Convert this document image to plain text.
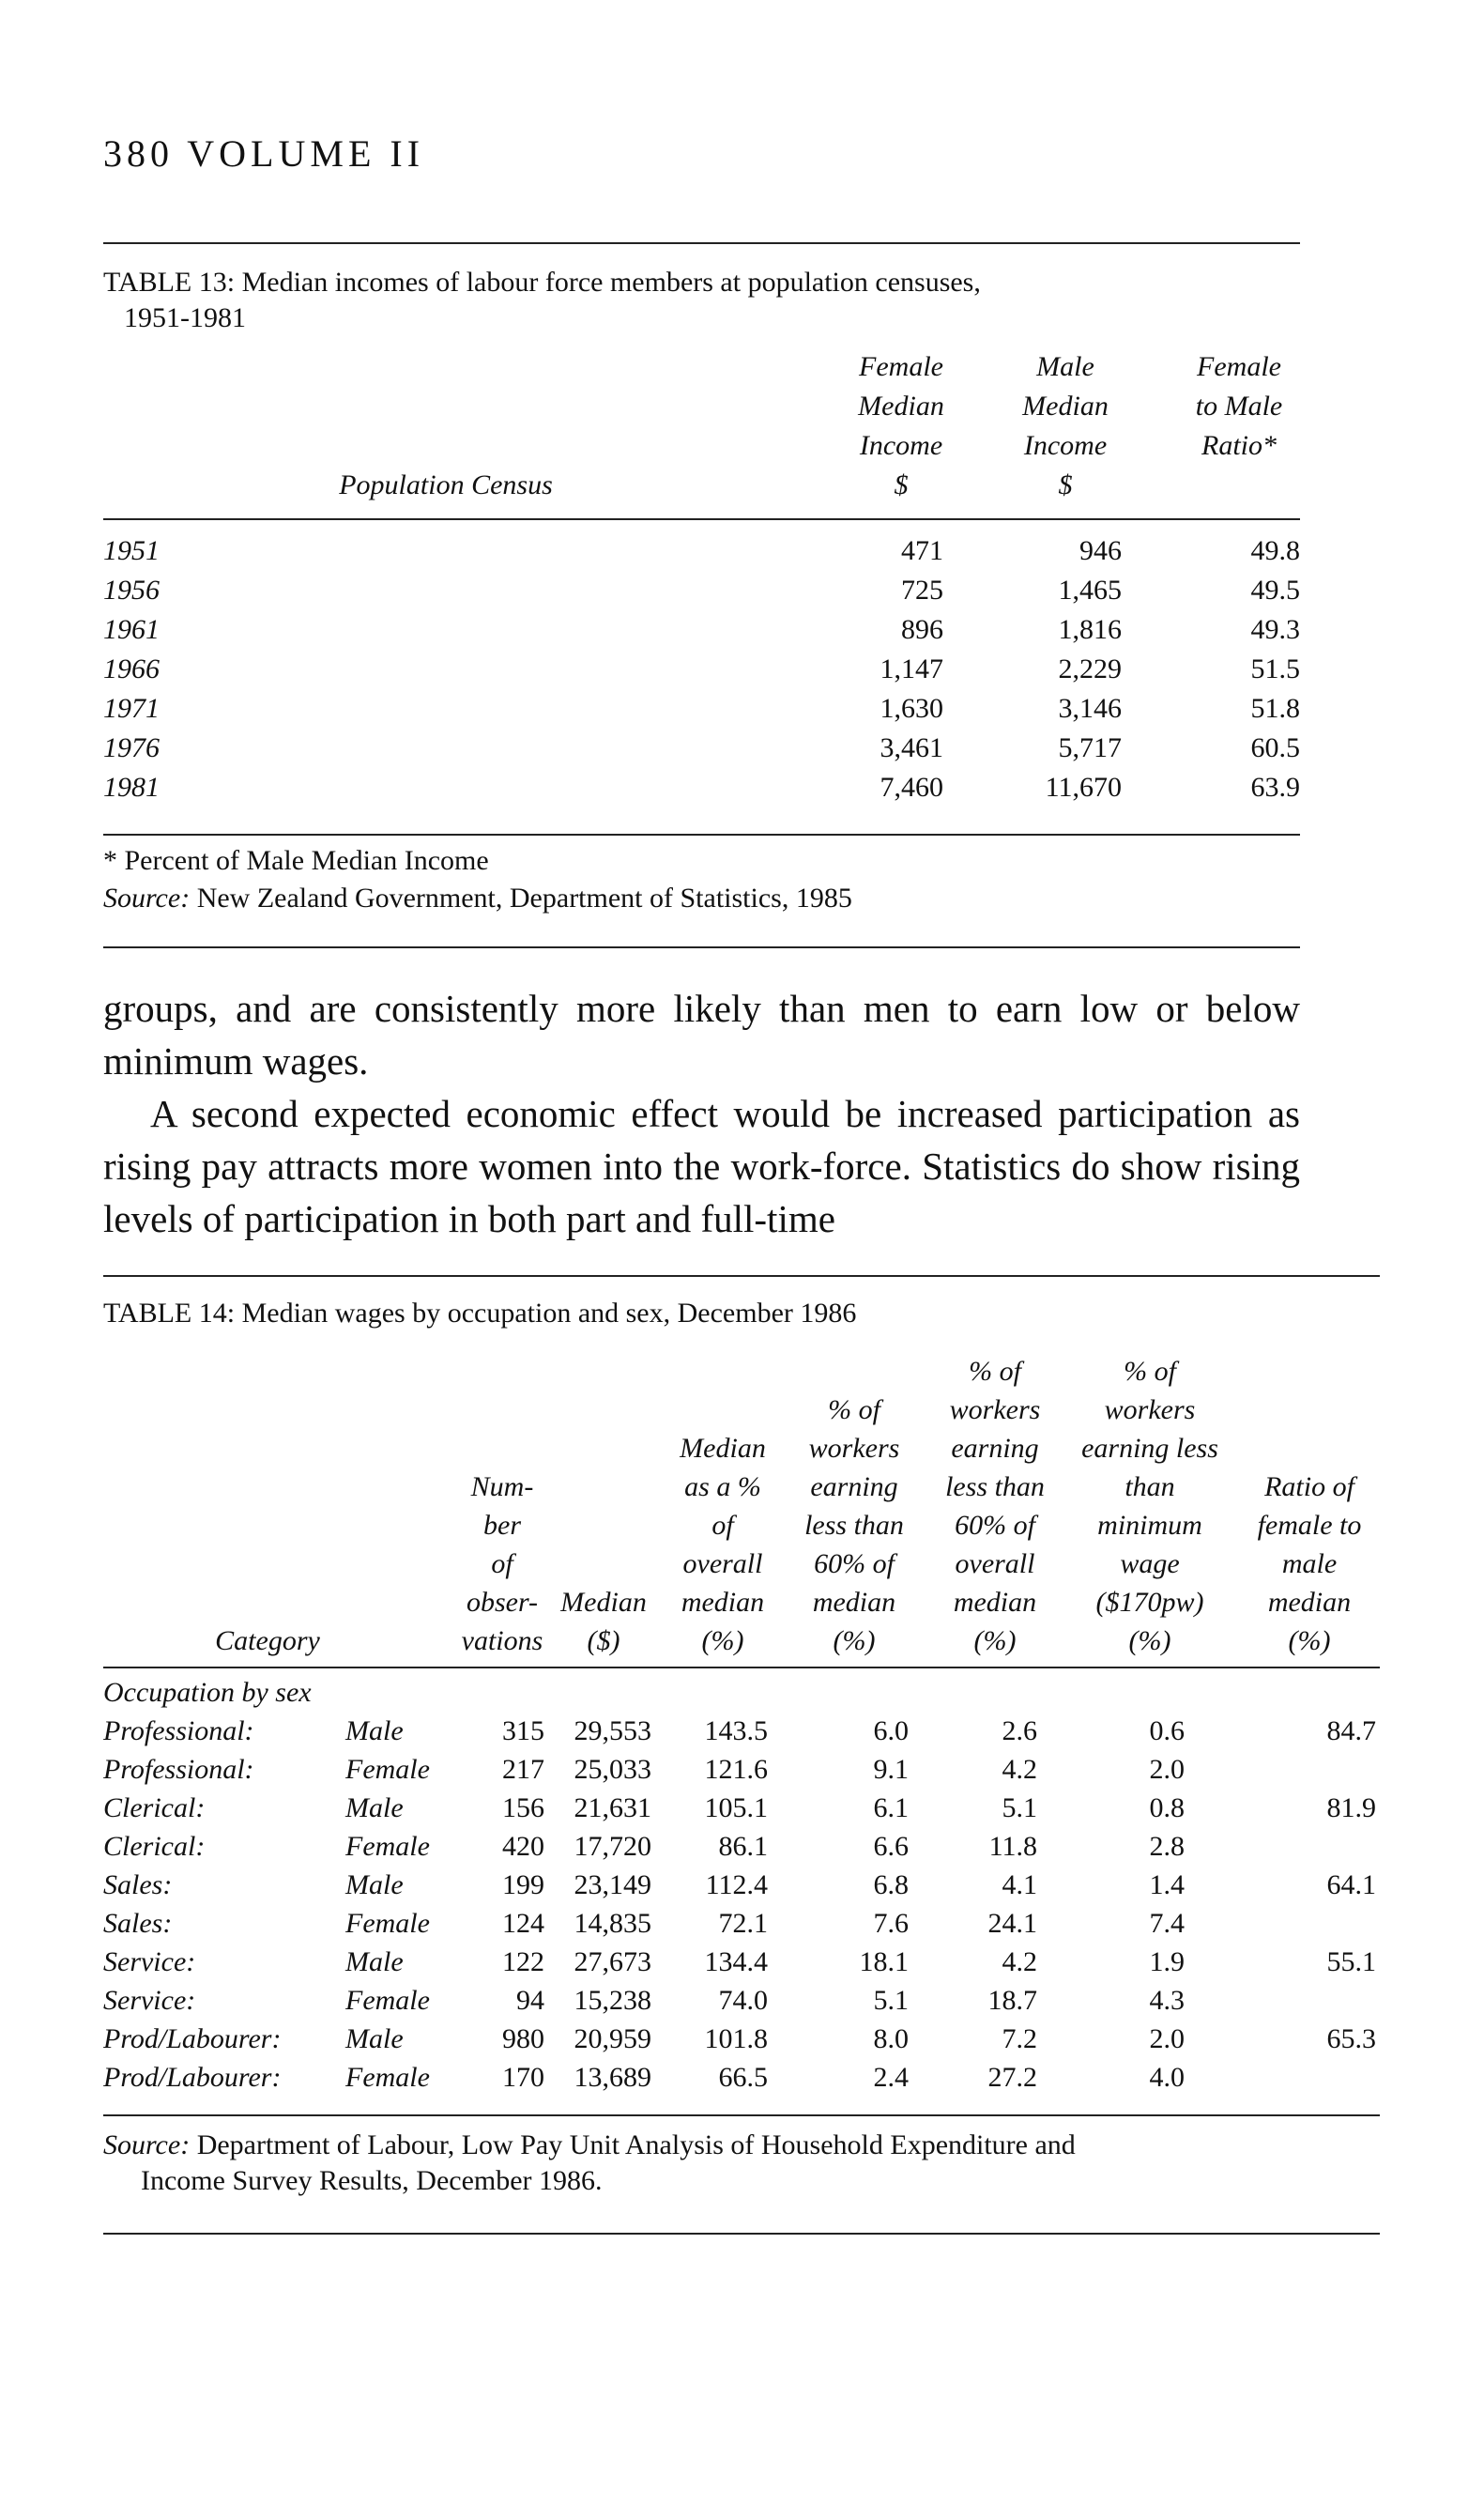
380 VOLUME II
TABLE 13: Median incomes of labour force members at population censuses,
1951-1981
Female
Median
Income
$
Male
Median
Income
$
Female
to Male
Ratio*
Population Census
1951	471	946	49.8
1956	725	1,465	49.5
1961	896	1,816	49.3
1966	1,147	2,229	51.5
1971	1,630	3,146	51.8
1976	3,461	5,717	60.5
1981	7,460	11,670	63.9
* Percent of Male Median Income
Source: New Zealand Government, Department of Statistics, 1985

groups, and are consistently more likely than men to earn low or below minimum wages.

A second expected economic effect would be increased participation as rising pay attracts more women into the work-force. Statistics do show rising levels of participation in both part and full-time

TABLE 14: Median wages by occupation and sex, December 1986
Category
Num-
ber
of
obser-
vations
Median
($)
Median
as a %
of
overall
median
(%)
% of
workers
earning
less than
60% of
median
(%)
% of
workers
earning
less than
60% of
overall
median
(%)
% of
workers
earning less
than
minimum
wage
($170pw)
(%)
Ratio of
female to
male
median
(%)
Occupation by sex
Professional:	Male	315 29,553 143.5	6.0	2.6	0.6	84.7
Professional:	Female	217 25,033 121.6	9.1	4.2	2.0
Clerical:	Male	156 21,631 105.1	6.1	5.1	0.8	81.9
Clerical:	Female	420 17,720 86.1	6.6	11.8	2.8
Sales:	Male	199 23,149 112.4	6.8	4.1	1.4	64.1
Sales:	Female	124 14,835 72.1	7.6	24.1	7.4
Service:	Male	122 27,673 134.4	18.1	4.2	1.9	55.1
Service:	Female	94 15,238 74.0	5.1	18.7	4.3
Prod/Labourer: Male	980 20,959 101.8	8.0	7.2	2.0	65.3
Prod/Labourer: Female	170 13,689 66.5	2.4	27.2	4.0
Source: Department of Labour, Low Pay Unit Analysis of Household Expenditure and
Income Survey Results, December 1986.
